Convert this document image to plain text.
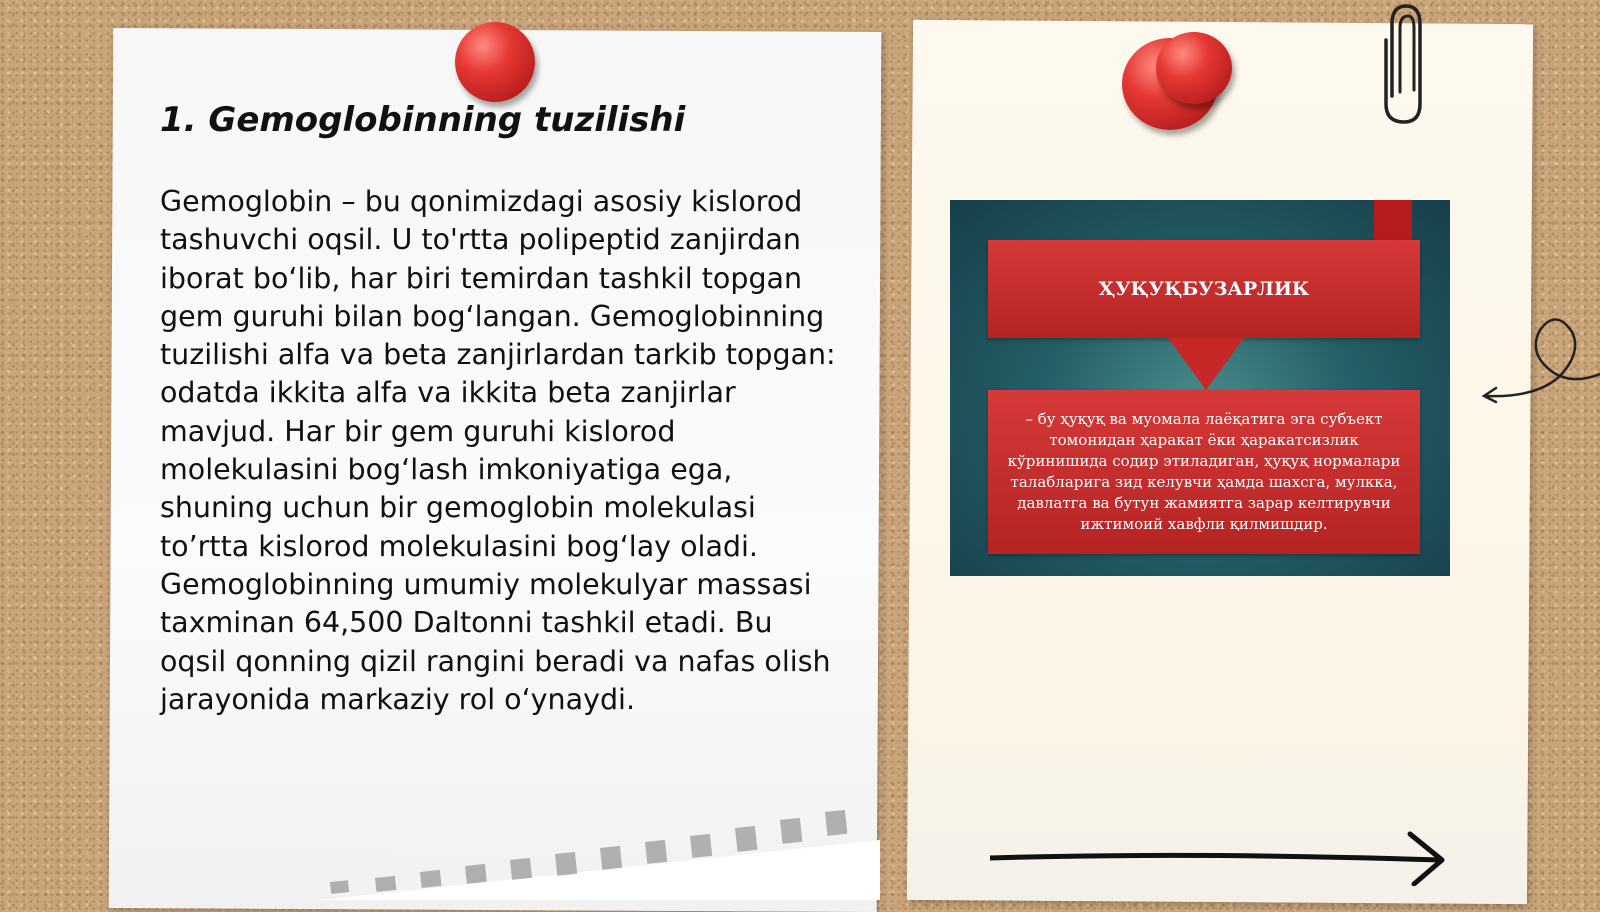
1. Gemoglobinning tuzilishi

Gemoglobin – bu qonimizdagi asosiy kislorod tashuvchi oqsil. U to'rtta polipeptid zanjirdan iborat bo‘lib, har biri temirdan tashkil topgan gem guruhi bilan bog‘langan. Gemoglobinning tuzilishi alfa va beta zanjirlardan tarkib topgan: odatda ikkita alfa va ikkita beta zanjirlar mavjud. Har bir gem guruhi kislorod molekulasini bog‘lash imkoniyatiga ega, shuning uchun bir gemoglobin molekulasi to’rtta kislorod molekulasini bog‘lay oladi. Gemoglobinning umumiy molekulyar massasi taxminan 64,500 Daltonni tashkil etadi. Bu oqsil qonning qizil rangini beradi va nafas olish jarayonida markaziy rol o‘ynaydi.

ҲУҚУҚБУЗАРЛИК

– бу ҳуқуқ ва муомала лаёқатига эга субъект томонидан ҳаракат ёки ҳаракатсизлик кўринишида содир этиладиган, ҳуқуқ нормалари талабларига зид келувчи ҳамда шахсга, мулкка, давлатга ва бутун жамиятга зарар келтирувчи ижтимоий хавфли қилмишдир.
